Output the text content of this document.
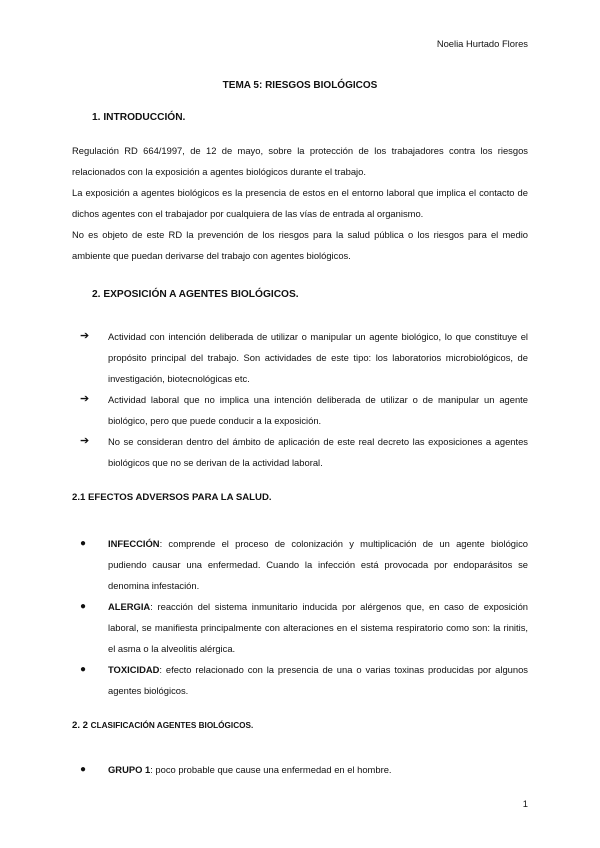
Noelia Hurtado Flores
TEMA 5: RIESGOS BIOLÓGICOS
1. INTRODUCCIÓN.
Regulación RD 664/1997, de 12 de mayo, sobre la protección de los trabajadores contra los riesgos relacionados con la exposición a agentes biológicos durante el trabajo.
La exposición a agentes biológicos es la presencia de estos en el entorno laboral que implica el contacto de dichos agentes con el trabajador por cualquiera de las vías de entrada al organismo.
No es objeto de este RD la prevención de los riesgos para la salud pública o los riesgos para el medio ambiente que puedan derivarse del trabajo con agentes biológicos.
2. EXPOSICIÓN A AGENTES BIOLÓGICOS.
➔	Actividad con intención deliberada de utilizar o manipular un agente biológico, lo que constituye el propósito principal del trabajo. Son actividades de este tipo: los laboratorios microbiológicos, de investigación, biotecnológicas etc.
➔	Actividad laboral que no implica una intención deliberada de utilizar o de manipular un agente biológico, pero que puede conducir a la exposición.
➔	No se consideran dentro del ámbito de aplicación de este real decreto las exposiciones a agentes biológicos que no se derivan de la actividad laboral.
2.1 EFECTOS ADVERSOS PARA LA SALUD.
●	INFECCIÓN: comprende el proceso de colonización y multiplicación de un agente biológico pudiendo causar una enfermedad. Cuando la infección está provocada por endoparásitos se denomina infestación.
●	ALERGIA: reacción del sistema inmunitario inducida por alérgenos que, en caso de exposición laboral, se manifiesta principalmente con alteraciones en el sistema respiratorio como son: la rinitis, el asma o la alveolitis alérgica.
●	TOXICIDAD: efecto relacionado con la presencia de una o varias toxinas producidas por algunos agentes biológicos.
2. 2 CLASIFICACIÓN AGENTES BIOLÓGICOS.
●	GRUPO 1: poco probable que cause una enfermedad en el hombre.
1
